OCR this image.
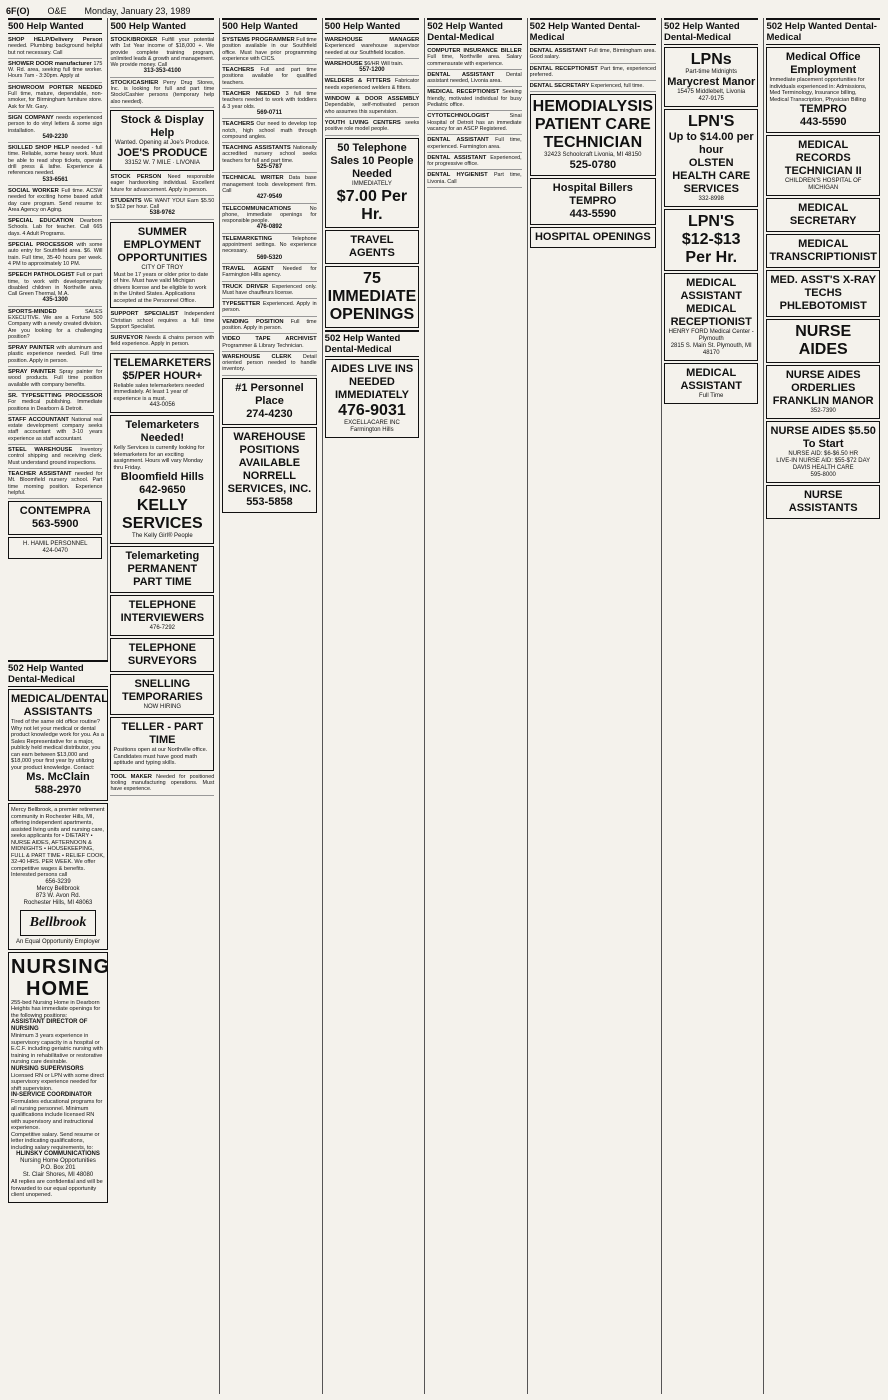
6F(O) O&E Monday, January 23, 1989
500 Help Wanted
SHOP HELP/Delivery Person needed. Plumbing background helpful but not necessary. Call
SHOWER DOOR manufacturer 175 W. Rd. area, seeking full time worker. Hours 7am - 3:30pm. Apply at
SHOWROOM PORTER NEEDED Full time, mature, dependable, non-smoker, for Birmingham furniture store. Ask for Mr. Gary.
SIGN COMPANY needs experienced person to do vinyl letters & some sign installation.
549-2230
SKILLED SHOP HELP needed - full time. Reliable, some heavy work. Must be able to read shop tickets, operate drill press & lathe. Experience & references needed.
533-6561
SOCIAL WORKER Full time. ACSW needed for exciting home based adult day care program. Send resume to: Area Agency on Aging.
SPECIAL EDUCATION Dearborn Schools. Lab for teacher. Call 665 days. 4 Adult Programs.
SPECIAL PROCESSOR with some auto entry for Southfield area. $6. Will train. Full time, 35-40 hours per week. 4 PM to approximately 10 PM.
SPEECH PATHOLOGIST Full or part time, to work with developmentally disabled children in Northville area. Call Green Thermal, M.A.
435-1300
SPORTS-MINDED SALES EXECUTIVE. We are a Fortune 500 Company with a newly created division. Are you looking for a challenging position?
SPRAY PAINTER with aluminum and plastic experience needed. Full time position. Apply in person.
SPRAY PAINTER Spray painter for wood products. Full time position available with company benefits.
SR. TYPESETTING PROCESSOR For medical publishing. Immediate positions in Dearborn & Detroit.
STAFF ACCOUNTANT National real estate development company seeks staff accountant with 3-10 years experience as staff accountant.
STEEL WAREHOUSE Inventory control shipping and receiving clerk. Must understand ground inspections.
TEACHER ASSISTANT needed for Mt. Bloomfield nursery school. Part time morning position. Experience helpful.
CONTEMPRA
563-5900
H. HAMIL PERSONNEL
424-0470
500 Help Wanted
STOCK/BROKER Fulfill your potential with 1st Year income of $18,000 +. We provide complete training program, unlimited leads & growth and management. We provide money. Call
313-353-4100
STOCK/CASHIER Perry Drug Stores, Inc. is looking for full and part time Stock/Cashier persons (temporary help also needed).
Stock & Display Help
Wanted. Opening at Joe's Produce.
JOE'S PRODUCE
33152 W. 7 MILE · LIVONIA
STOCK PERSON Need responsible eager hardworking individual. Excellent future for advancement. Apply in person.
STUDENTS WE WANT YOU! Earn $5.50 to $12 per hour. Call
538-9762
SUMMER EMPLOYMENT OPPORTUNITIES
CITY OF TROY
Must be 17 years or older prior to date of hire. Must have valid Michigan drivers license and be eligible to work in the United States. Applications accepted at the Personnel Office.
SUPPORT SPECIALIST Independent Christian school requires a full time Support Specialist.
SURVEYOR Needs & chains person with field experience. Apply in person.
TELEMARKETERS
$5/PER HOUR+
Reliable sales telemarketers needed immediately. At least 1 year of experience is a must.
443-0056
Telemarketers Needed!
Kelly Services is currently looking for telemarketers for an exciting assignment. Hours will vary Monday thru Friday.
Bloomfield Hills
642-9650
KELLY SERVICES
The Kelly Girl® People
Telemarketing PERMANENT PART TIME
TELEPHONE INTERVIEWERS
476-7292
TELEPHONE SURVEYORS
SNELLING TEMPORARIES
NOW HIRING
TELLER - PART TIME
Positions open at our Northville office. Candidates must have good math aptitude and typing skills.
TOOL MAKER Needed for positioned tooling manufacturing operations. Must have experience.
500 Help Wanted
SYSTEMS PROGRAMMER Full time position available in our Southfield office. Must have prior programming experience with CICS.
TEACHERS Full and part time positions available for qualified teachers.
TEACHER NEEDED 3 full time teachers needed to work with toddlers & 3 year olds.
569-0711
TEACHERS Our need to develop top notch, high school math through compound angles.
TEACHING ASSISTANTS Nationally accredited nursery school seeks teachers for full and part time.
525-5787
TECHNICAL WRITER Data base management tools development firm. Call
427-9549
TELECOMMUNICATIONS No phone, immediate openings for responsible people.
476-0892
TELEMARKETING Telephone appointment settings. No experience necessary.
569-5320
TRAVEL AGENT Needed for Farmington Hills agency.
TRUCK DRIVER Experienced only. Must have chauffeurs license.
TYPESETTER Experienced. Apply in person.
VENDING POSITION Full time position. Apply in person.
VIDEO TAPE ARCHIVIST Programmer & Library Technician.
WAREHOUSE CLERK Detail oriented person needed to handle inventory.
#1 Personnel Place
274-4230
WAREHOUSE POSITIONS AVAILABLE
NORRELL SERVICES, INC.
553-5858
500 Help Wanted
WAREHOUSE MANAGER Experienced warehouse supervisor needed at our Southfield location.
WAREHOUSE $6/HR Will train.
557-1200
WELDERS & FITTERS Fabricator needs experienced welders & fitters.
WINDOW & DOOR ASSEMBLY Dependable, self-motivated person who assumes this supervision.
YOUTH LIVING CENTERS seeks positive role model people.
50 Telephone Sales 10 People Needed
IMMEDIATELY
$7.00 Per Hr.
TRAVEL AGENTS
75 IMMEDIATE OPENINGS
502 Help Wanted Dental-Medical
AIDES LIVE INS NEEDED IMMEDIATELY
476-9031
EXCELLACARE INC
Farmington Hills
502 Help Wanted Dental-Medical
COMPUTER INSURANCE BILLER Full time, Northville area. Salary commensurate with experience.
DENTAL ASSISTANT Dental assistant needed, Livonia area.
MEDICAL RECEPTIONIST Seeking friendly, motivated individual for busy Pediatric office.
CYTOTECHNOLOGIST Sinai Hospital of Detroit has an immediate vacancy for an ASCP Registered.
DENTAL ASSISTANT Full time, experienced. Farmington area.
DENTAL ASSISTANT Experienced, for progressive office.
DENTAL HYGIENIST Part time, Livonia. Call
502 Help Wanted Dental-Medical
DENTAL ASSISTANT Full time, Birmingham area. Good salary.
DENTAL RECEPTIONIST Part time, experienced preferred.
DENTAL SECRETARY Experienced, full time.
HEMODIALYSIS PATIENT CARE TECHNICIAN
32423 Schoolcraft Livonia, MI 48150
525-0780
Hospital Billers
TEMPRO
443-5590
HOSPITAL OPENINGS
502 Help Wanted Dental-Medical
LPNs
Part-time Midnights
Marycrest Manor
15475 Middlebelt, Livonia
427-9175
LPN'S
Up to $14.00 per hour
OLSTEN HEALTH CARE SERVICES
332-8998
LPN'S
$12-$13 Per Hr.
MEDICAL ASSISTANT
MEDICAL RECEPTIONIST
HENRY FORD Medical Center - Plymouth
2815 S. Main St. Plymouth, MI 48170
MEDICAL ASSISTANT
Full Time
502 Help Wanted Dental-Medical
Medical Office Employment
Immediate placement opportunities for individuals experienced in: Admissions, Med Terminology, Insurance billing, Medical Transcription, Physician Billing
TEMPRO
443-5590
MEDICAL RECORDS TECHNICIAN II
CHILDREN'S HOSPITAL OF MICHIGAN
MEDICAL SECRETARY
MEDICAL TRANSCRIPTIONIST
MED. ASST'S X-RAY TECHS PHLEBOTOMIST
NURSE AIDES
NURSE AIDES ORDERLIES
FRANKLIN MANOR
352-7390
NURSE AIDES $5.50 To Start
NURSE AID: $6-$6.50 HR
LIVE-IN NURSE AID: $55-$72 DAY
DAVIS HEALTH CARE
595-8000
NURSE ASSISTANTS
502 Help Wanted Dental-Medical
MEDICAL/DENTAL ASSISTANTS
Tired of the same old office routine? Why not let your medical or dental product knowledge work for you. As a Sales Representative for a major, publicly held medical distributor, you can earn between $13,000 and $18,000 your first year by utilizing your product knowledge. Contact:
Ms. McClain
588-2970
Mercy Bellbrook, a premier retirement community in Rochester Hills, MI, offering independent apartments, assisted living units and nursing care, seeks applicants for • DIETARY • NURSE AIDES, AFTERNOON & MIDNIGHTS • HOUSEKEEPING, FULL & PART TIME • RELIEF COOK, 32-40 HRS. PER WEEK. We offer competitive wages & benefits. Interested persons call
656-3239
Mercy Bellbrook
873 W. Avon Rd.
Rochester Hills, MI 48063
Bellbrook
An Equal Opportunity Employer
NURSING
HOME
255-bed Nursing Home in Dearborn Heights has immediate openings for the following positions:
ASSISTANT DIRECTOR OF NURSING
Minimum 3 years experience in supervisory capacity in a hospital or E.C.F. including geriatric nursing with training in rehabilitative or restorative nursing care desirable.
NURSING SUPERVISORS
Licensed RN or LPN with some direct supervisory experience needed for shift supervision.
IN-SERVICE COORDINATOR
Formulates educational programs for all nursing personnel. Minimum qualifications include licensed RN with supervisory and instructional experience.
Competitive salary. Send resume or letter indicating qualifications, including salary requirements, to:
HLINSKY COMMUNICATIONS
Nursing Home Opportunities
P.O. Box 201
St. Clair Shores, MI 48080
All replies are confidential and will be forwarded to our equal opportunity client unopened.
